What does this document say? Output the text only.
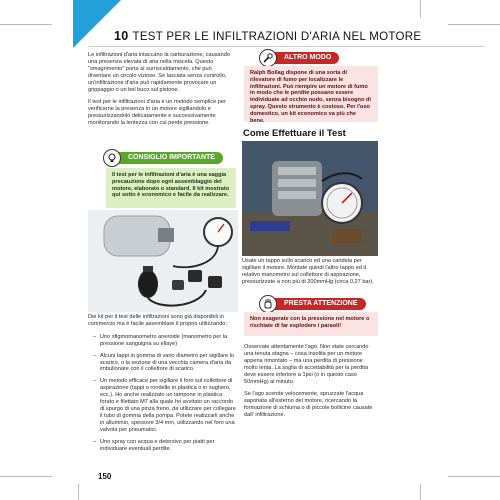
10 TEST PER LE INFILTRAZIONI D'ARIA NEL MOTORE

Le infiltrazioni d'aria intaccano la carburazione, causando una presenza elevata di aria nella miscela. Questo "smagrimento" porta al surriscaldamento, che può diventare un circolo vizioso. Se lasciata senza controllo, un'infiltrazione d'aria può rapidamente provocare un grippaggio o un bel buco sul pistone.

Il test per le infiltrazioni d'aria è un metodo semplice per verificarne la presenza in un motore sigillandolo e pressurizzandolo delicatamente e successivamente monitorando la lentezza con cui perde pressione.

CONSIGLIO IMPORTANTE
Il test per le infiltrazioni d'aria è una saggia precauzione dopo ogni assemblaggio del motore, elaborato o standard. Il kit mostrato qui sotto è economico e facile da realizzare.
ALTRO MODO
Ralph Bollag dispone di una sorta di rilevatore di fumo per localizzare le infiltrazioni. Può riempire un motore di fumo in modo che le perdite possano essere individuate ad occhio nudo, senza bisogno di spray. Questo strumento è costoso. Per l'uso domestico, un kit economico va più che bene.
Come Effettuare il Test
Usate un tappo sullo scarico ed una candela per sigillare il motore. Montate quindi l'altro tappo ed il relativo manometro sul collettore di aspirazione, pressurizzate a non più di 200mmHg (circa 0,27 bar).

Dei kit per il test delle infiltrazioni sono già disponibili in commercio ma è facile assemblare il proprio utilizzando:

– Uno sfigmomanometro aneroide (manometro per la pressione sanguigna su ellaye)
– Alcuni tappi in gomma di vario diametro per sigillare lo scarico, o la sezione di una vecchia camera d'aria da imbullonare con il collettore di scarico.
– Un metodo efficace per sigillare il foro sul collettore di aspirazione (tappi o rondelle in plastica o in sughero, ecc.). Ho anche realizzato un tampone in plastica forato e filettato M7 alla quale ho avvitato un raccordo di spurgo di una pinza freno, da utilizzare per collegare il tubo di gomma della pompa. Potete realizzarli anche in alluminio, spessore 3/4 mm, utilizzando nel foro una valvola per pneumatici.
– Uno spray con acqua e detersivo per piatti per individuare eventuali perdite.
PRESTA ATTENZIONE
Non esagerate con la pressione nel motore o rischiate di far esplodere i paraoli!

Osservate attentamente l'ago. Non state cercando una tenuta stagna – cosa insolita per un motore appena rimontato – ma una perdita di pressione molto lenta. La soglia di accettabilità per la perdita deve essere inferiore a 1psi (o in questo caso 50mmHg) al minuto.

Se l'ago scende velocemente, spruzzate l'acqua saponata all'esterno del motore, ricercando la formazione di schiuma o di piccole bollicine causate dall' infiltrazione.

150
